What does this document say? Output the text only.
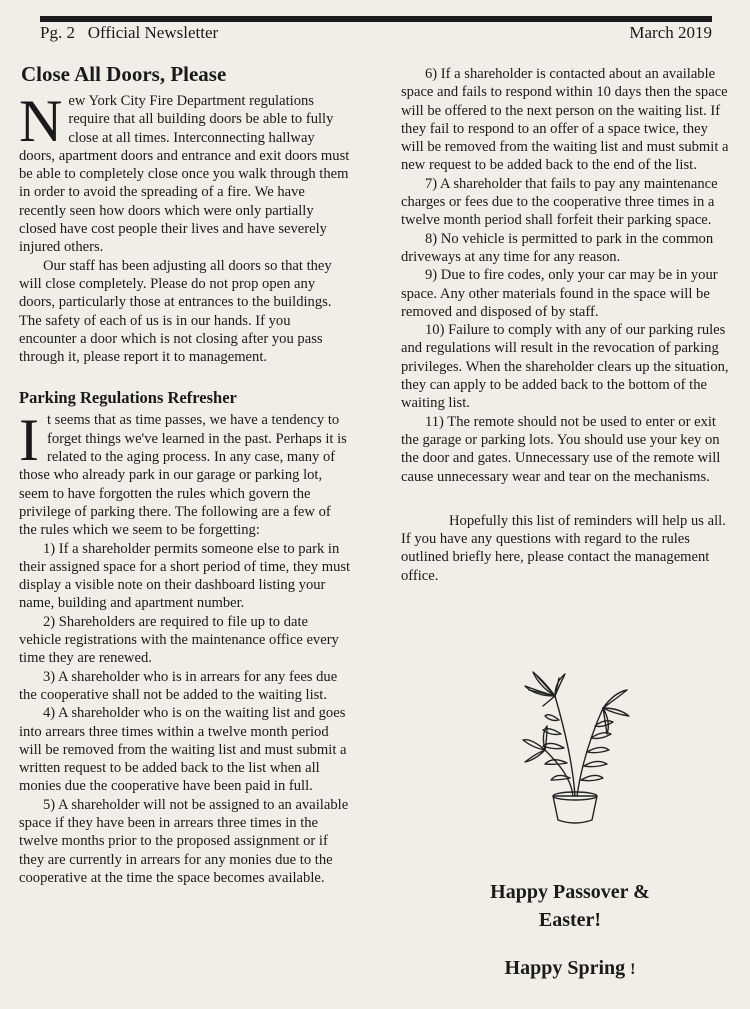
Pg. 2 Official Newsletter	March 2019
Close All Doors, Please

New York City Fire Department regulations require that all building doors be able to fully close at all times. Interconnecting hallway doors, apartment doors and entrance and exit doors must be able to completely close once you walk through them in order to avoid the spreading of a fire. We have recently seen how doors which were only partially closed have cost people their lives and have severely injured others.

Our staff has been adjusting all doors so that they will close completely. Please do not prop open any doors, particularly those at entrances to the buildings. The safety of each of us is in our hands. If you encounter a door which is not closing after you pass through it, please report it to management.

Parking Regulations Refresher

It seems that as time passes, we have a tendency to forget things we've learned in the past. Perhaps it is related to the aging process. In any case, many of those who already park in our garage or parking lot, seem to have forgotten the rules which govern the privilege of parking there. The following are a few of the rules which we seem to be forgetting:

1) If a shareholder permits someone else to park in their assigned space for a short period of time, they must display a visible note on their dashboard listing your name, building and apartment number.

2) Shareholders are required to file up to date vehicle registrations with the maintenance office every time they are renewed.

3) A shareholder who is in arrears for any fees due the cooperative shall not be added to the waiting list.

4) A shareholder who is on the waiting list and goes into arrears three times within a twelve month period will be removed from the waiting list and must submit a written request to be added back to the list when all monies due the cooperative have been paid in full.

5) A shareholder will not be assigned to an available space if they have been in arrears three times in the twelve months prior to the proposed assignment or if they are currently in arrears for any monies due to the cooperative at the time the space becomes available.

6) If a shareholder is contacted about an available space and fails to respond within 10 days then the space will be offered to the next person on the waiting list. If they fail to respond to an offer of a space twice, they will be removed from the waiting list and must submit a new request to be added back to the end of the list.

7) A shareholder that fails to pay any maintenance charges or fees due to the cooperative three times in a twelve month period shall forfeit their parking space.

8) No vehicle is permitted to park in the common driveways at any time for any reason.

9) Due to fire codes, only your car may be in your space. Any other materials found in the space will be removed and disposed of by staff.

10) Failure to comply with any of our parking rules and regulations will result in the revocation of parking privileges. When the shareholder clears up the situation, they can apply to be added back to the bottom of the waiting list.

11) The remote should not be used to enter or exit the garage or parking lots. You should use your key on the door and gates. Unnecessary use of the remote will cause unnecessary wear and tear on the mechanisms.

Hopefully this list of reminders will help us all. If you have any questions with regard to the rules outlined briefly here, please contact the management office.

Happy Passover &
Easter!
Happy Spring !
